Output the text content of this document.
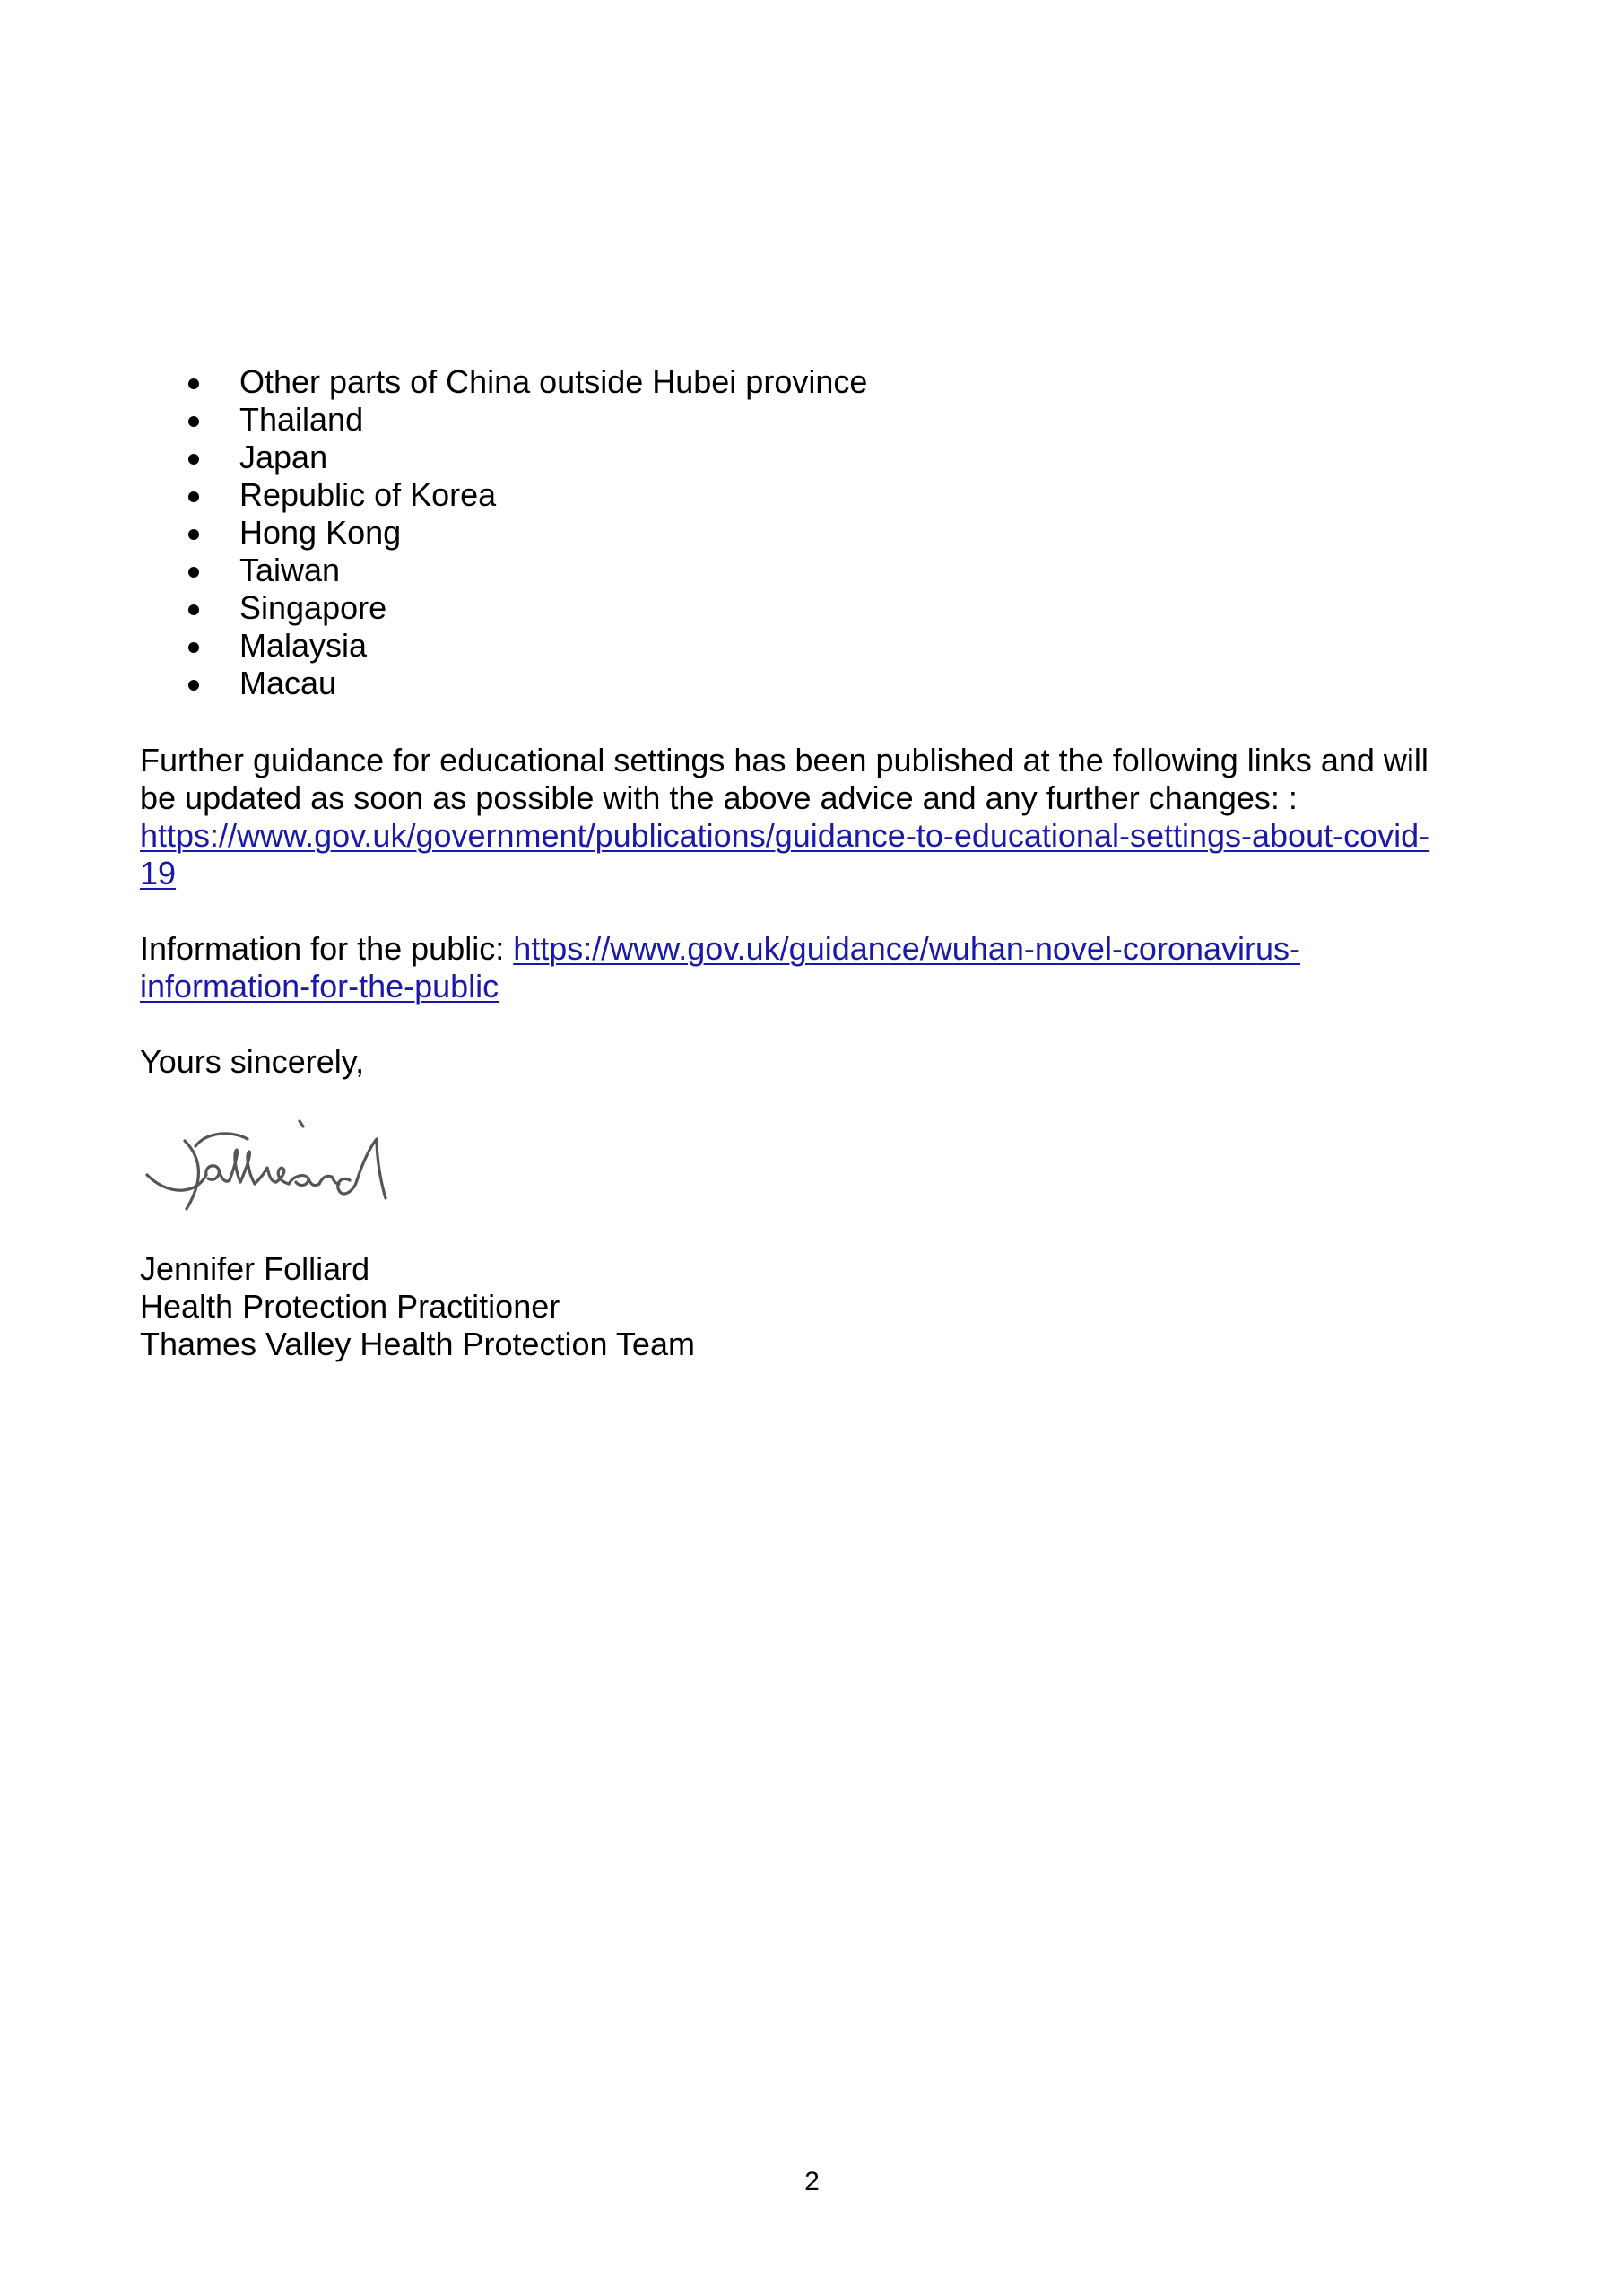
Other parts of China outside Hubei province
Thailand
Japan
Republic of Korea
Hong Kong
Taiwan
Singapore
Malaysia
Macau
Further guidance for educational settings has been published at the following links and will
be updated as soon as possible with the above advice and any further changes: :
https://www.gov.uk/government/publications/guidance-to-educational-settings-about-covid-
19
Information for the public: https://www.gov.uk/guidance/wuhan-novel-coronavirus-
information-for-the-public
Yours sincerely,
Jennifer Folliard
Health Protection Practitioner
Thames Valley Health Protection Team
2
